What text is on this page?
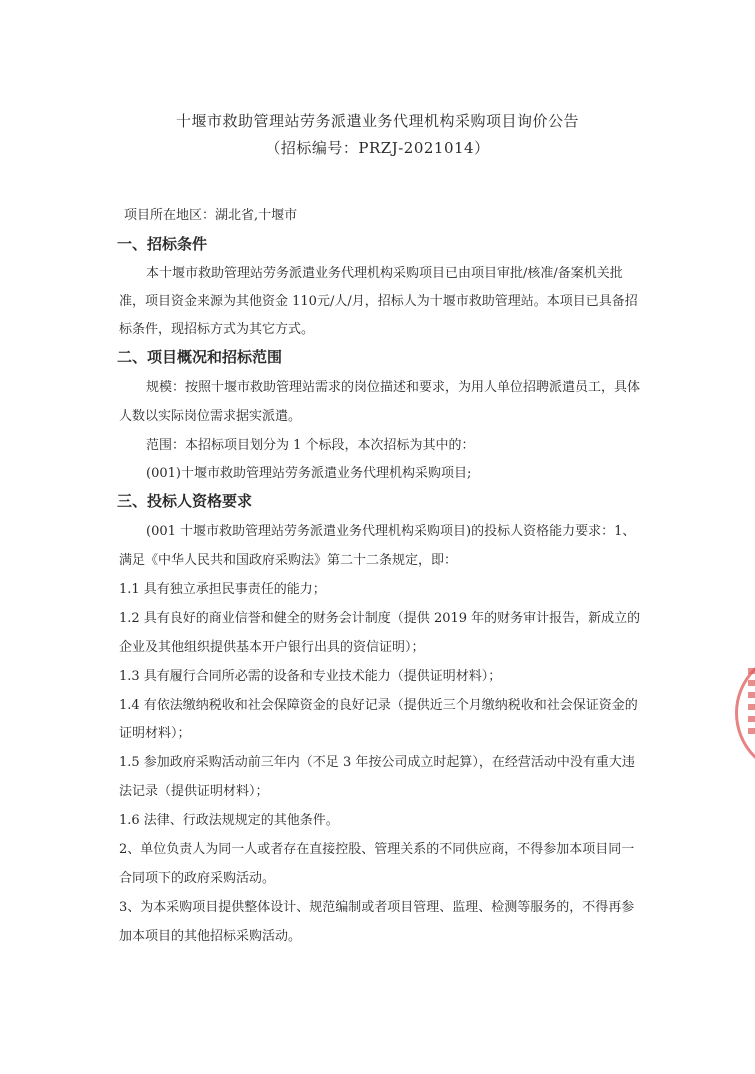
十堰市救助管理站劳务派遣业务代理机构采购项目询价公告
（招标编号：PRZJ-2021014）
项目所在地区：湖北省,十堰市
一、招标条件
本十堰市救助管理站劳务派遣业务代理机构采购项目已由项目审批/核准/备案机关批
准，项目资金来源为其他资金 110元/人/月，招标人为十堰市救助管理站。本项目已具备招
标条件，现招标方式为其它方式。
二、项目概况和招标范围
规模：按照十堰市救助管理站需求的岗位描述和要求，为用人单位招聘派遣员工，具体
人数以实际岗位需求据实派遣。
范围：本招标项目划分为 1 个标段，本次招标为其中的：
(001)十堰市救助管理站劳务派遣业务代理机构采购项目;
三、投标人资格要求
(001 十堰市救助管理站劳务派遣业务代理机构采购项目)的投标人资格能力要求：1、
满足《中华人民共和国政府采购法》第二十二条规定，即：
1.1 具有独立承担民事责任的能力；
1.2 具有良好的商业信誉和健全的财务会计制度（提供 2019 年的财务审计报告，新成立的
企业及其他组织提供基本开户银行出具的资信证明）；
1.3 具有履行合同所必需的设备和专业技术能力（提供证明材料）；
1.4 有依法缴纳税收和社会保障资金的良好记录（提供近三个月缴纳税收和社会保证资金的
证明材料）；
1.5 参加政府采购活动前三年内（不足 3 年按公司成立时起算），在经营活动中没有重大违
法记录（提供证明材料）；
1.6 法律、行政法规规定的其他条件。
2、单位负责人为同一人或者存在直接控股、管理关系的不同供应商，不得参加本项目同一
合同项下的政府采购活动。
3、为本采购项目提供整体设计、规范编制或者项目管理、监理、检测等服务的，不得再参
加本项目的其他招标采购活动。
